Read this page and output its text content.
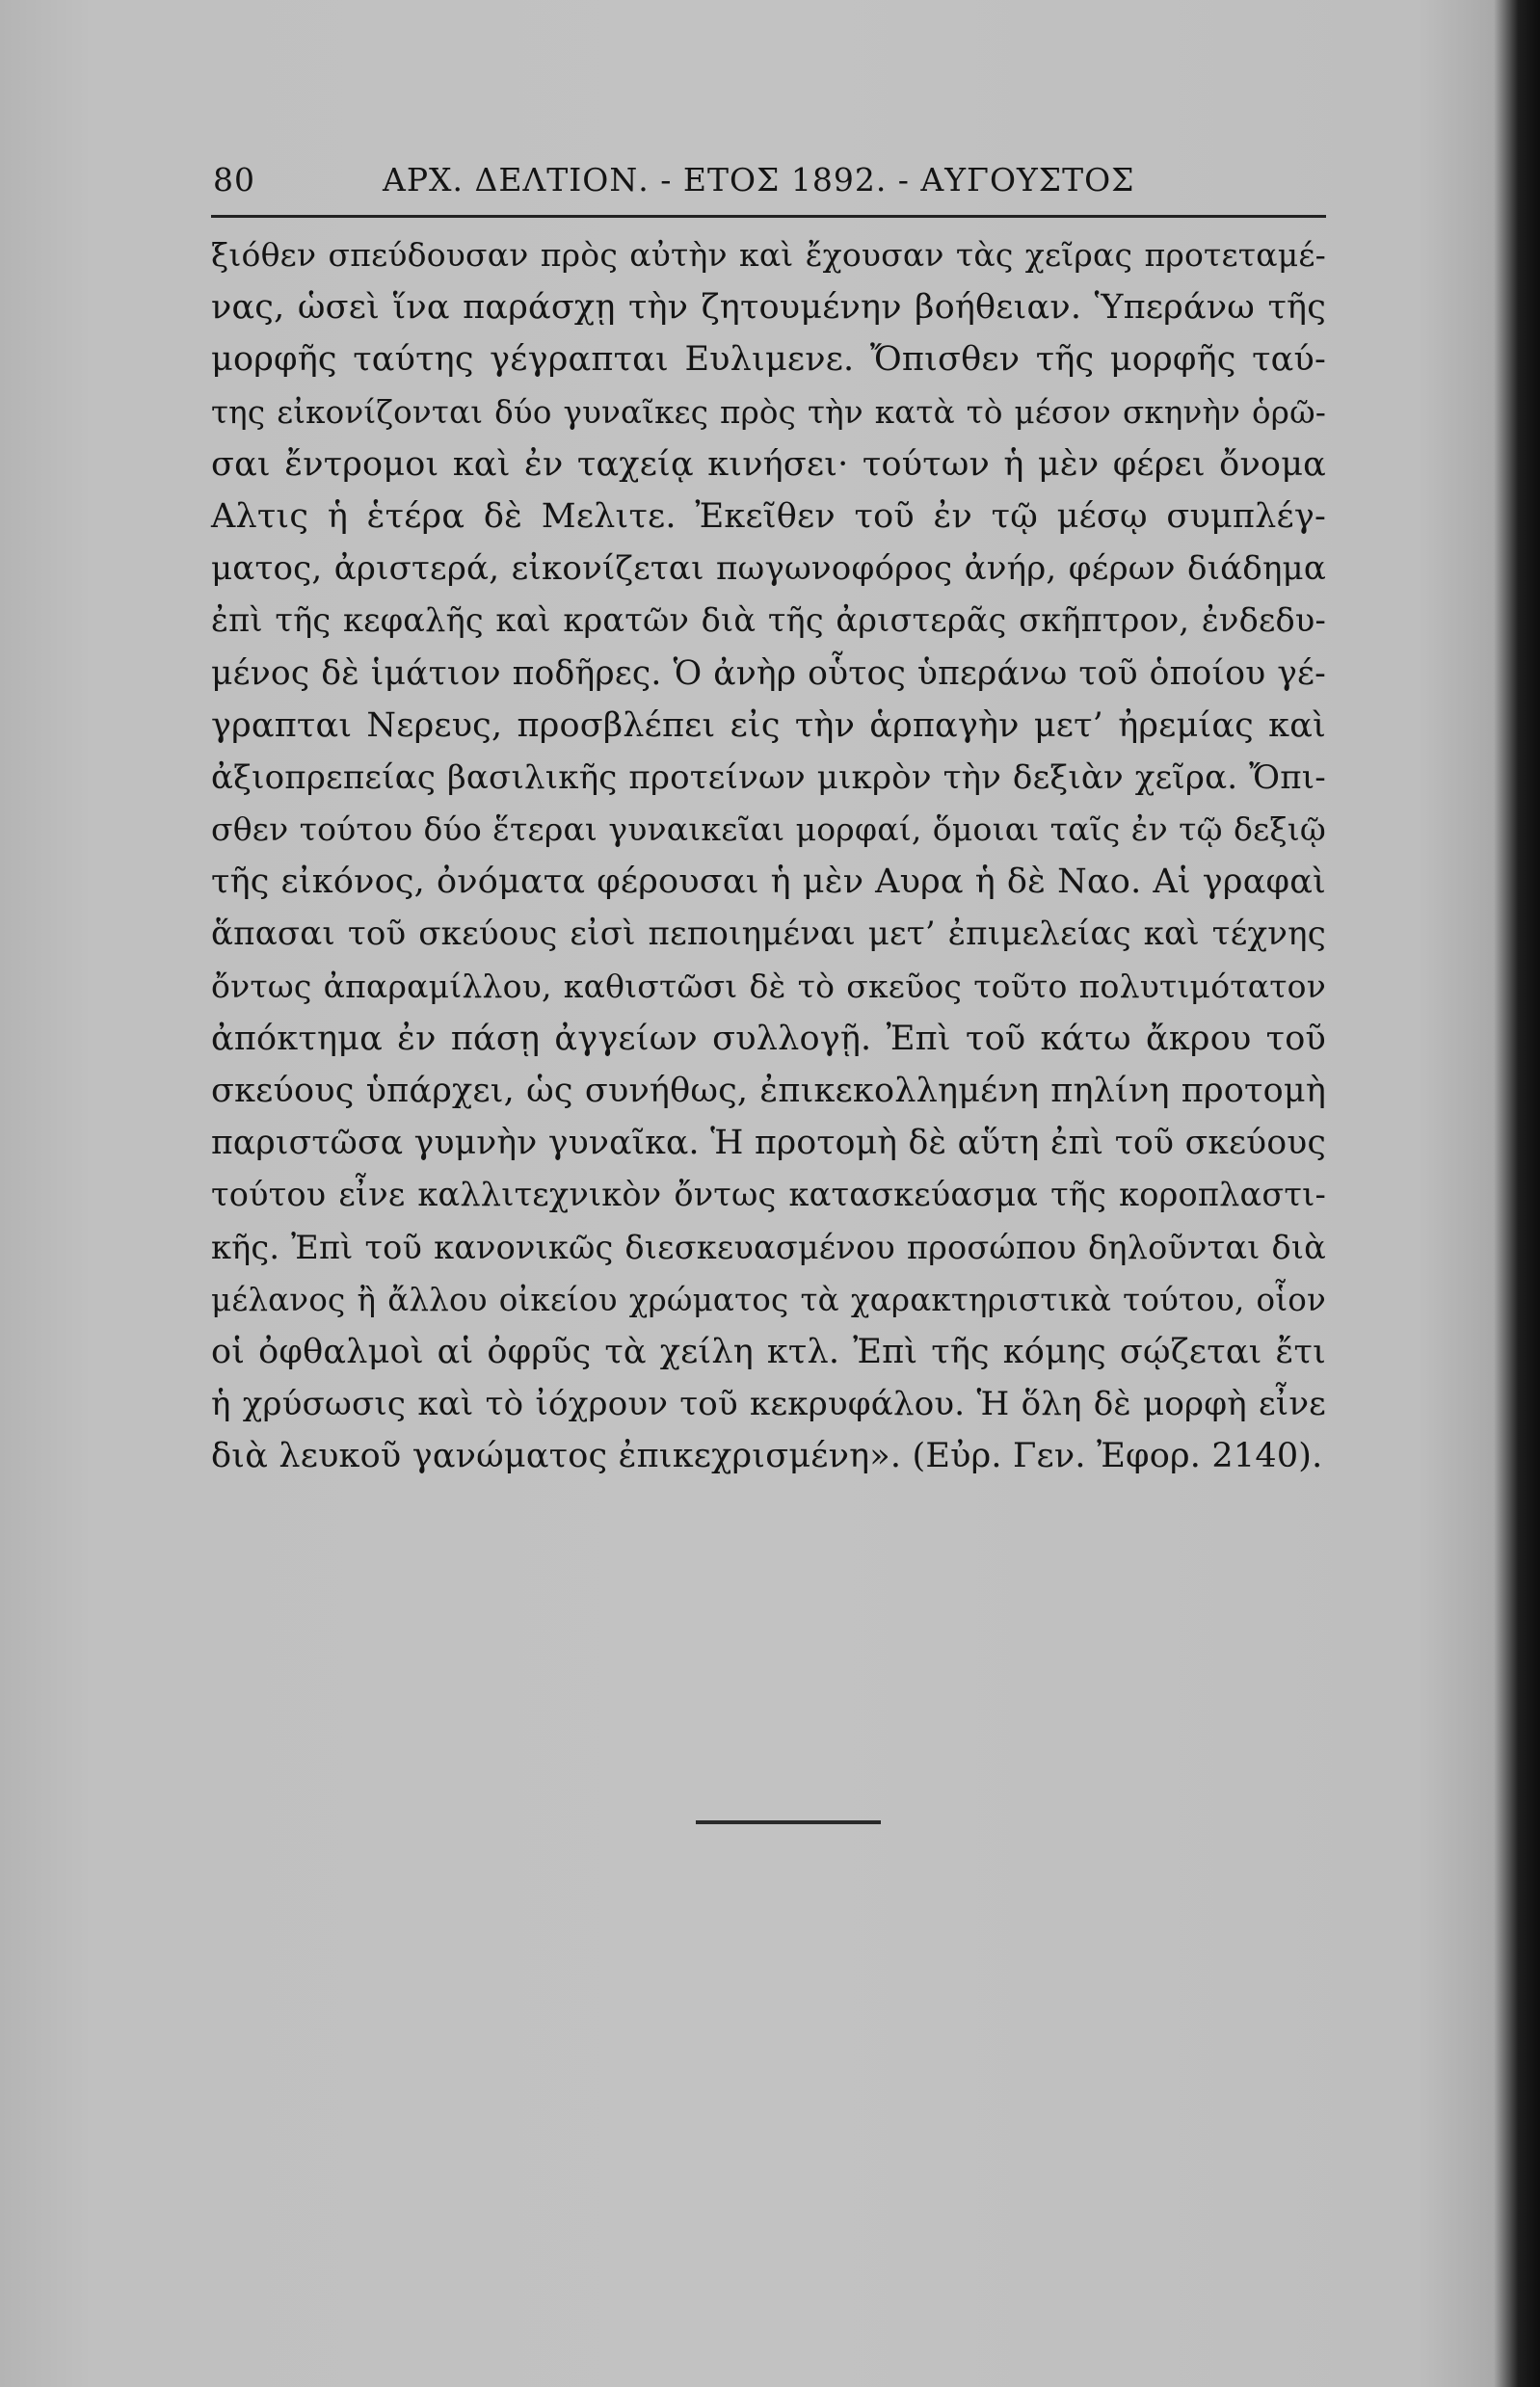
80	ΑΡΧ. ΔΕΛΤΙΟΝ. - ΕΤΟΣ 1892. - ΑΥΓΟΥΣΤΟΣ
ξιόθεν σπεύδουσαν πρὸς αὐτὴν καὶ ἔχουσαν τὰς χεῖρας προτεταμέ-
νας, ὡσεὶ ἵνα παράσχῃ τὴν ζητουμένην βοήθειαν. Ὑπεράνω τῆς
μορφῆς ταύτης γέγραπται Ευλιμενε. Ὄπισθεν τῆς μορφῆς ταύ-
της εἰκονίζονται δύο γυναῖκες πρὸς τὴν κατὰ τὸ μέσον σκηνὴν ὁρῶ-
σαι ἔντρομοι καὶ ἐν ταχείᾳ κινήσει· τούτων ἡ μὲν φέρει ὄνομα
Αλτις ἡ ἑτέρα δὲ Μελιτε. Ἐκεῖθεν τοῦ ἐν τῷ μέσῳ συμπλέγ-
ματος, ἀριστερά, εἰκονίζεται πωγωνοφόρος ἀνήρ, φέρων διάδημα
ἐπὶ τῆς κεφαλῆς καὶ κρατῶν διὰ τῆς ἀριστερᾶς σκῆπτρον, ἐνδεδυ-
μένος δὲ ἱμάτιον ποδῆρες. Ὁ ἀνὴρ οὗτος ὑπεράνω τοῦ ὁποίου γέ-
γραπται Νερευς, προσβλέπει εἰς τὴν ἁρπαγὴν μετ’ ἠρεμίας καὶ
ἀξιοπρεπείας βασιλικῆς προτείνων μικρὸν τὴν δεξιὰν χεῖρα. Ὄπι-
σθεν τούτου δύο ἕτεραι γυναικεῖαι μορφαί, ὅμοιαι ταῖς ἐν τῷ δεξιῷ
τῆς εἰκόνος, ὀνόματα φέρουσαι ἡ μὲν Αυρα ἡ δὲ Ναο. Αἱ γραφαὶ
ἅπασαι τοῦ σκεύους εἰσὶ πεποιημέναι μετ’ ἐπιμελείας καὶ τέχνης
ὄντως ἀπαραμίλλου, καθιστῶσι δὲ τὸ σκεῦος τοῦτο πολυτιμότατον
ἀπόκτημα ἐν πάσῃ ἀγγείων συλλογῇ. Ἐπὶ τοῦ κάτω ἄκρου τοῦ
σκεύους ὑπάρχει, ὡς συνήθως, ἐπικεκολλημένη πηλίνη προτομὴ
παριστῶσα γυμνὴν γυναῖκα. Ἡ προτομὴ δὲ αὕτη ἐπὶ τοῦ σκεύους
τούτου εἶνε καλλιτεχνικὸν ὄντως κατασκεύασμα τῆς κοροπλαστι-
κῆς. Ἐπὶ τοῦ κανονικῶς διεσκευασμένου προσώπου δηλοῦνται διὰ
μέλανος ἢ ἄλλου οἰκείου χρώματος τὰ χαρακτηριστικὰ τούτου, οἷον
οἱ ὀφθαλμοὶ αἱ ὀφρῦς τὰ χείλη κτλ. Ἐπὶ τῆς κόμης σῴζεται ἔτι
ἡ χρύσωσις καὶ τὸ ἰόχρουν τοῦ κεκρυφάλου. Ἡ ὅλη δὲ μορφὴ εἶνε
διὰ λευκοῦ γανώματος ἐπικεχρισμένη». (Εὐρ. Γεν. Ἐφορ. 2140).
